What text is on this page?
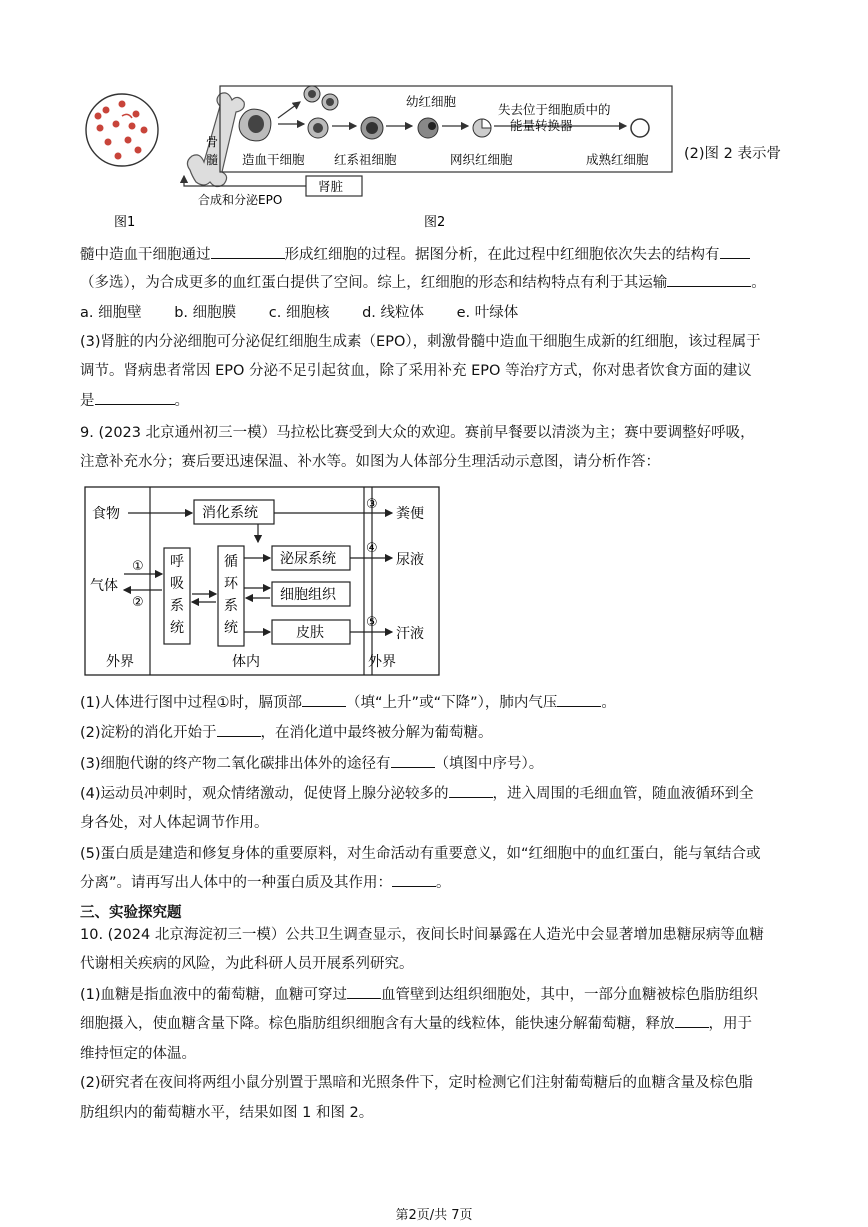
骨
髓
幼红细胞
失去位于细胞质中的
能量转换器
造血干细胞 红系祖细胞	网织红细胞	成熟红细胞
肾脏
合成和分泌EPO
图1	图2
(2)图 2 表示骨
髓中造血干细胞通过	形成红细胞的过程。据图分析，在此过程中红细胞依次失去的结构有
（多选），为合成更多的血红蛋白提供了空间。综上，红细胞的形态和结构特点有利于其运输	。
a. 细胞壁 b. 细胞膜 c. 细胞核 d. 线粒体 e. 叶绿体
(3)肾脏的内分泌细胞可分泌促红细胞生成素（EPO），刺激骨髓中造血干细胞生成新的红细胞，该过程属于
调节。肾病患者常因 EPO 分泌不足引起贫血，除了采用补充 EPO 等治疗方式，你对患者饮食方面的建议
是	。
9. (2023 北京通州初三一模）马拉松比赛受到大众的欢迎。赛前早餐要以清淡为主；赛中要调整好呼吸，
注意补充水分；赛后要迅速保温、补水等。如图为人体部分生理活动示意图，请分析作答：
食物	消化系统
③
粪便
气体
①
②
呼
吸
系
统
循
环
系
统
泌尿系统
④
尿液
细胞组织
皮肤
⑤
汗液
外界	体内	外界
(1)人体进行图中过程①时，膈顶部	（填“上升”或“下降”），肺内气压	。
(2)淀粉的消化开始于	，在消化道中最终被分解为葡萄糖。
(3)细胞代谢的终产物二氧化碳排出体外的途径有	（填图中序号）。
(4)运动员冲刺时，观众情绪激动，促使肾上腺分泌较多的	，进入周围的毛细血管，随血液循环到全
身各处，对人体起调节作用。
(5)蛋白质是建造和修复身体的重要原料，对生命活动有重要意义，如“红细胞中的血红蛋白，能与氧结合或
分离”。请再写出人体中的一种蛋白质及其作用：	。
三、实验探究题
10. (2024 北京海淀初三一模）公共卫生调查显示，夜间长时间暴露在人造光中会显著增加患糖尿病等血糖
代谢相关疾病的风险，为此科研人员开展系列研究。
(1)血糖是指血液中的葡萄糖，血糖可穿过 血管壁到达组织细胞处，其中，一部分血糖被棕色脂肪组织
细胞摄入，使血糖含量下降。棕色脂肪组织细胞含有大量的线粒体，能快速分解葡萄糖，释放 ，用于
维持恒定的体温。
(2)研究者在夜间将两组小鼠分别置于黑暗和光照条件下，定时检测它们注射葡萄糖后的血糖含量及棕色脂
肪组织内的葡萄糖水平，结果如图 1 和图 2。
第2页/共 7页
